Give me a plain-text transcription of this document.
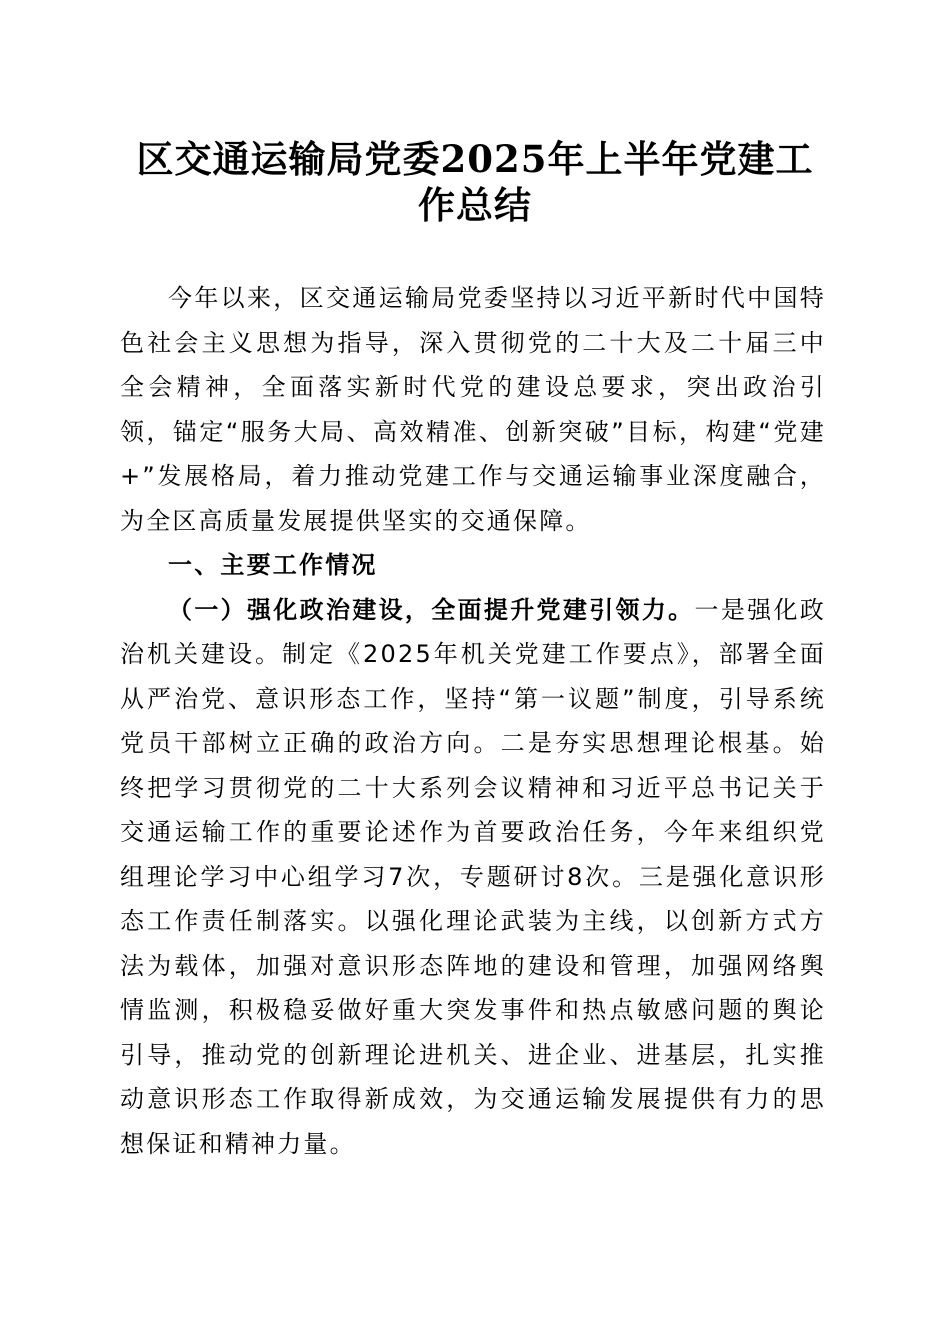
区交通运输局党委2025年上半年党建工作总结

今年以来，区交通运输局党委坚持以习近平新时代中国特色社会主义思想为指导，深入贯彻党的二十大及二十届三中全会精神，全面落实新时代党的建设总要求，突出政治引领，锚定“服务大局、高效精准、创新突破”目标，构建“党建+”发展格局，着力推动党建工作与交通运输事业深度融合，为全区高质量发展提供坚实的交通保障。

一、主要工作情况

（一）强化政治建设，全面提升党建引领力。一是强化政治机关建设。制定《2025年机关党建工作要点》，部署全面从严治党、意识形态工作，坚持“第一议题”制度，引导系统党员干部树立正确的政治方向。二是夯实思想理论根基。始终把学习贯彻党的二十大系列会议精神和习近平总书记关于交通运输工作的重要论述作为首要政治任务，今年来组织党组理论学习中心组学习7次，专题研讨8次。三是强化意识形态工作责任制落实。以强化理论武装为主线，以创新方式方法为载体，加强对意识形态阵地的建设和管理，加强网络舆情监测，积极稳妥做好重大突发事件和热点敏感问题的舆论引导，推动党的创新理论进机关、进企业、进基层，扎实推动意识形态工作取得新成效，为交通运输发展提供有力的思想保证和精神力量。
